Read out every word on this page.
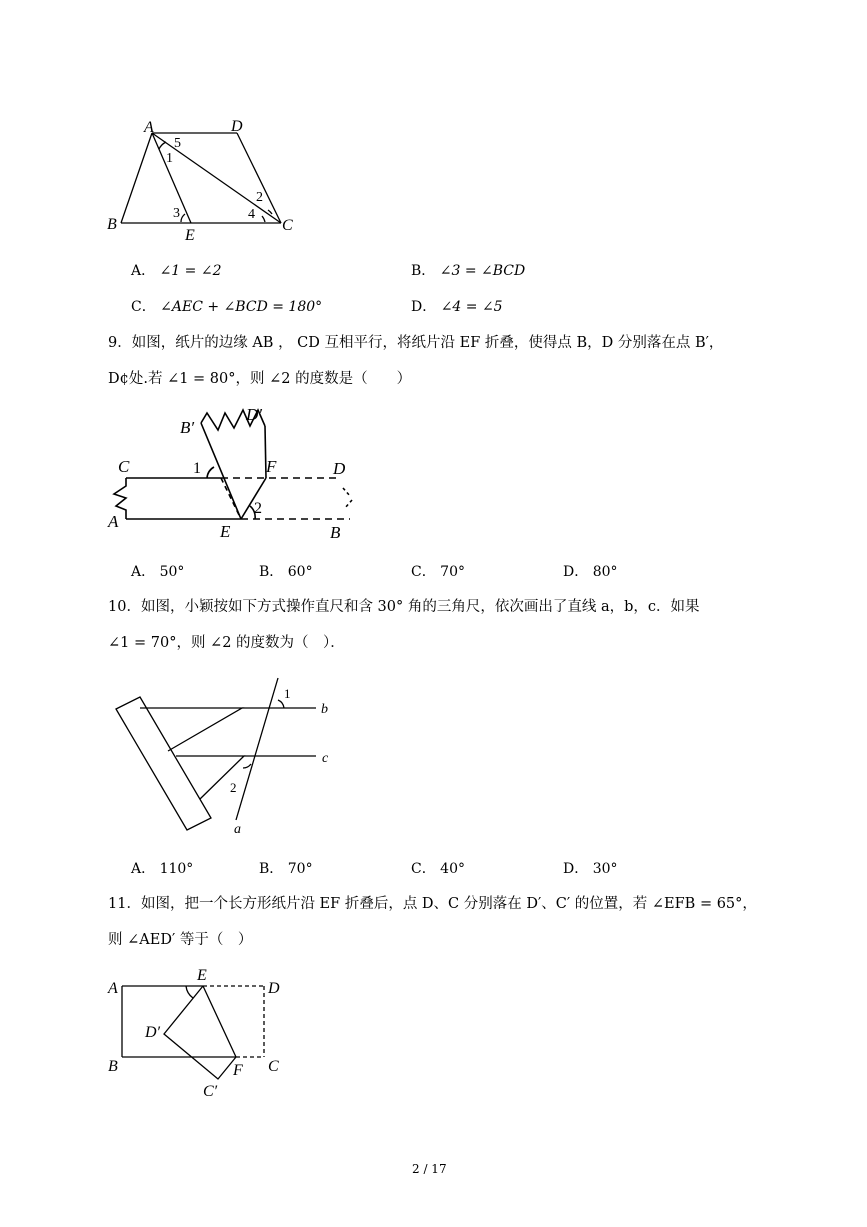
A	D
B
E
C
5
1
2
3	4
A． ∠1 = ∠2	B． ∠3 = ∠BCD
C． ∠AEC + ∠BCD = 180°	D． ∠4 = ∠5
9．如图，纸片的边缘 AB ， CD 互相平行，将纸片沿 EF 折叠，使得点 B，D 分别落在点 B′，
D¢处.若 ∠1 = 80°，则 ∠2 的度数是（　　）
B′
D′
C	F	D
A
E	B
1
2
A． 50°	B． 60°	C． 70°	D． 80°
10．如图，小颖按如下方式操作直尺和含 30° 角的三角尺，依次画出了直线 a，b，c．如果
∠1 = 70°，则 ∠2 的度数为（　）．
b
c
a
1
2
A． 110°	B． 70°	C． 40°	D． 30°
11．如图，把一个长方形纸片沿 EF 折叠后，点 D、C 分别落在 D′、C′ 的位置，若 ∠EFB = 65°，
则 ∠AED′ 等于（　）
A
E
D
D′
B	F C
C′
2 / 17
